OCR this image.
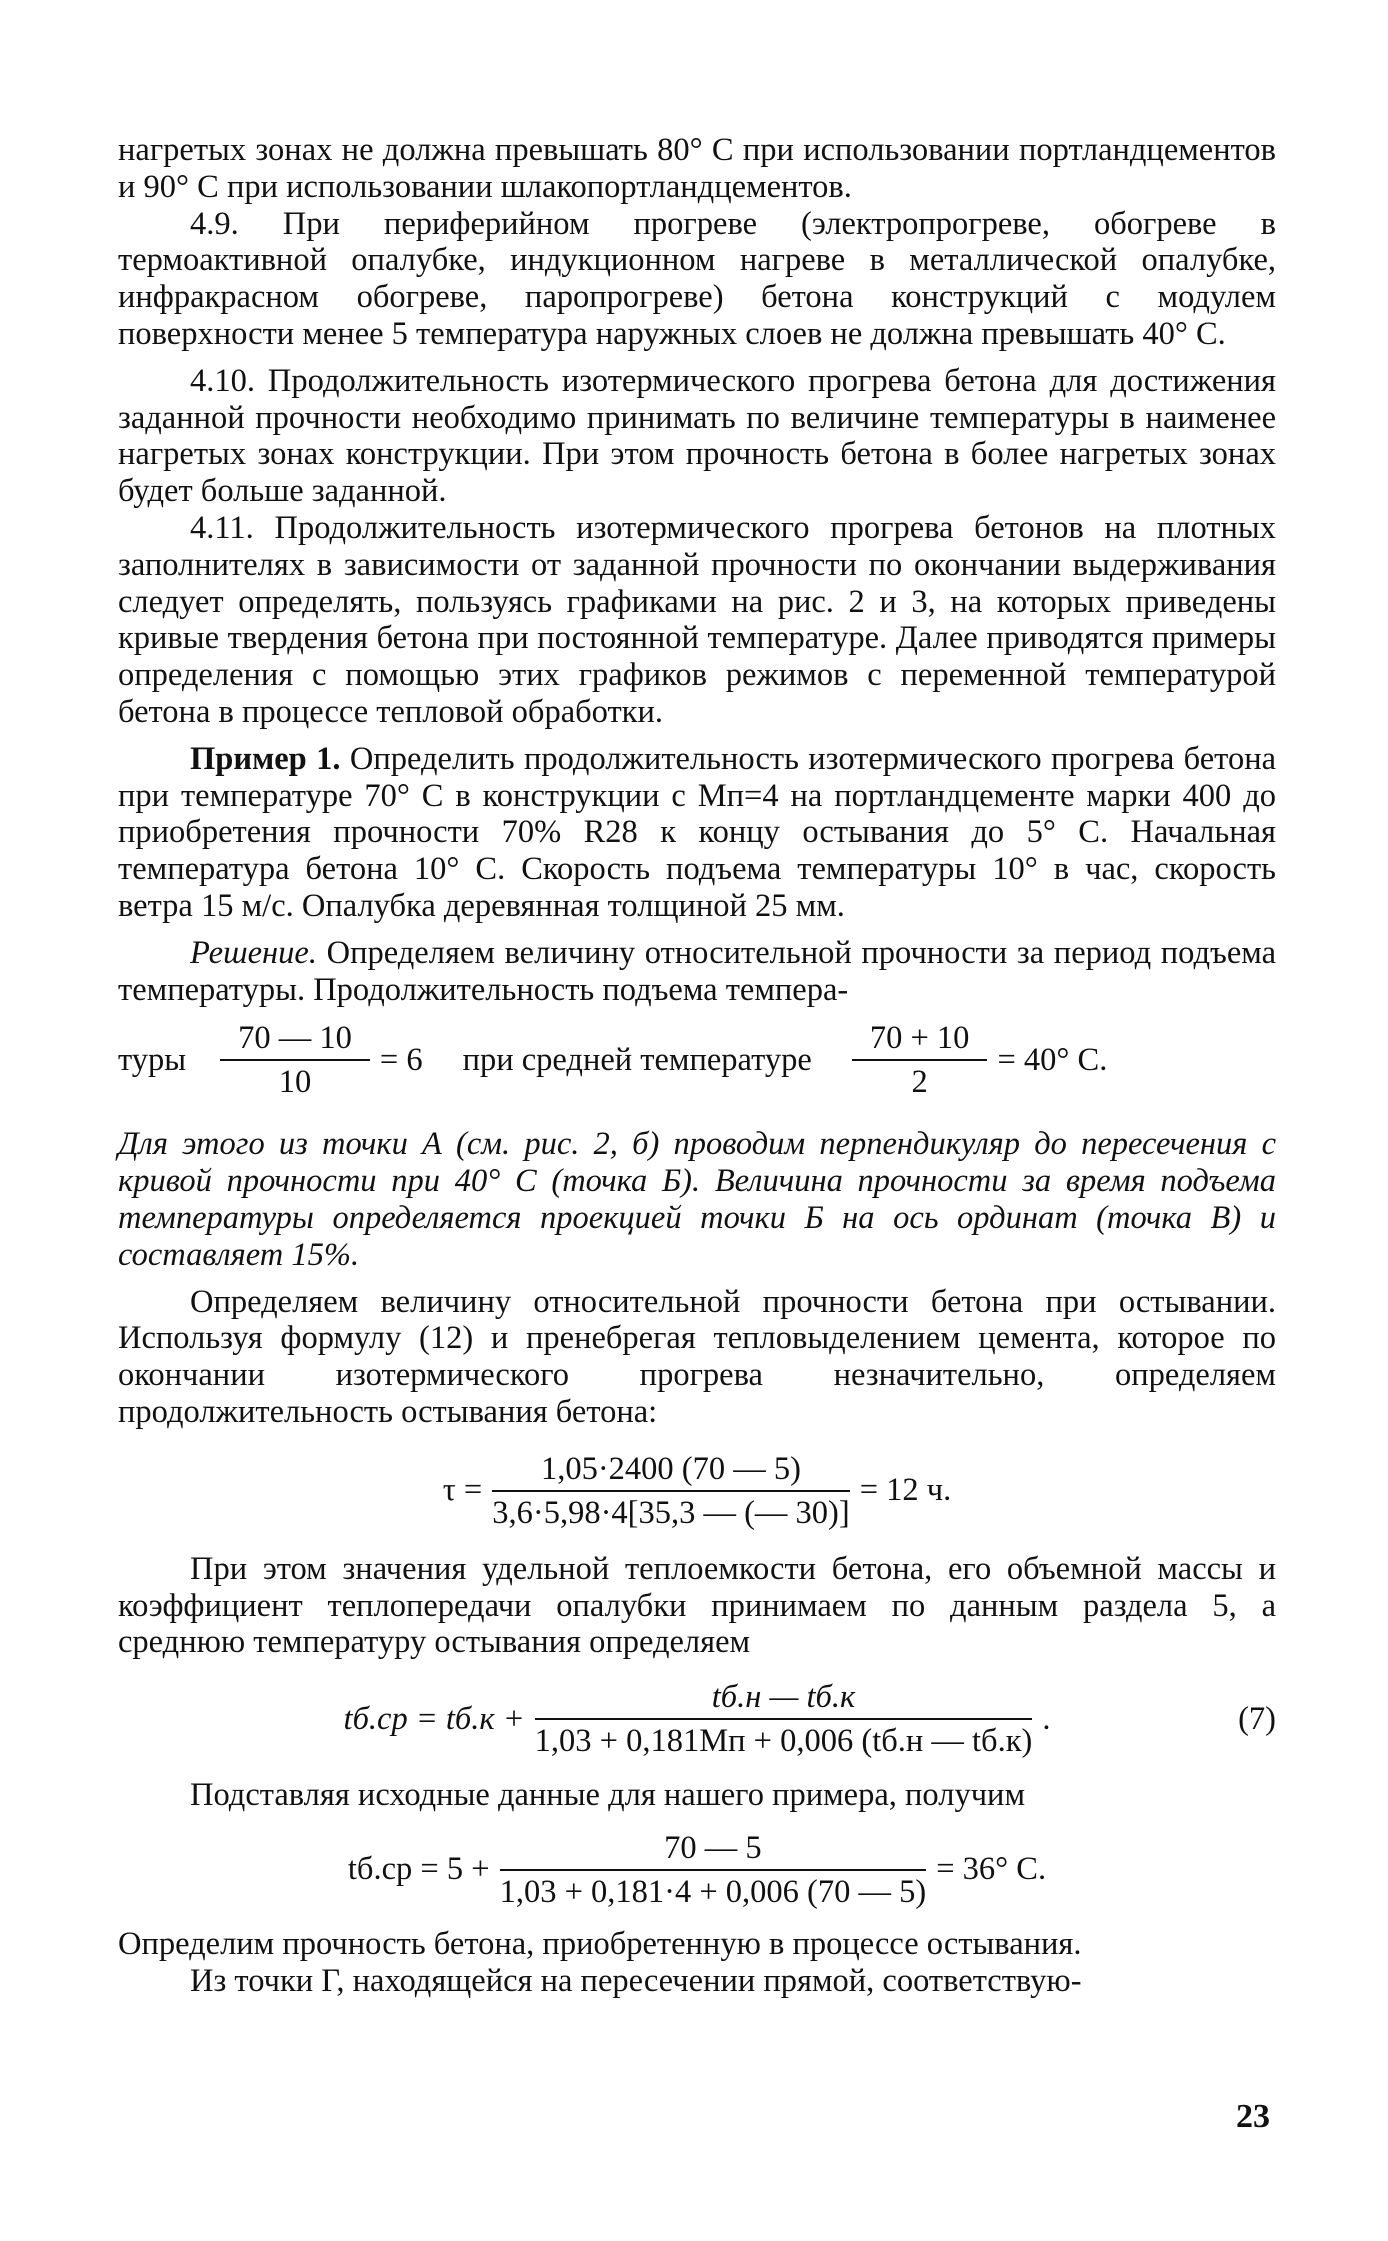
нагретых зонах не должна превышать 80° С при использовании портландцементов и 90° С при использовании шлакопортландцементов.

4.9. При периферийном прогреве (электропрогреве, обогреве в термоактивной опалубке, индукционном нагреве в металлической опалубке, инфракрасном обогреве, паропрогреве) бетона конструкций с модулем поверхности менее 5 температура наружных слоев не должна превышать 40° С.

4.10. Продолжительность изотермического прогрева бетона для достижения заданной прочности необходимо принимать по величине температуры в наименее нагретых зонах конструкции. При этом прочность бетона в более нагретых зонах будет больше заданной.

4.11. Продолжительность изотермического прогрева бетонов на плотных заполнителях в зависимости от заданной прочности по окончании выдерживания следует определять, пользуясь графиками на рис. 2 и 3, на которых приведены кривые твердения бетона при постоянной температуре. Далее приводятся примеры определения с помощью этих графиков режимов с переменной температурой бетона в процессе тепловой обработки.

Пример 1. Определить продолжительность изотермического прогрева бетона при температуре 70° С в конструкции с Мп=4 на портландцементе марки 400 до приобретения прочности 70% R28 к концу остывания до 5° С. Начальная температура бетона 10° С. Скорость подъема температуры 10° в час, скорость ветра 15 м/с. Опалубка деревянная толщиной 25 мм.

Решение. Определяем величину относительной прочности за период подъема температуры. Продолжительность подъема темпера-

туры $\frac{70 — 10}{10} = 6$ при средней температуре $\frac{70 + 10}{2} = 40^\circ$ С.

Для этого из точки А (см. рис. 2, б) проводим перпендикуляр до пересечения с кривой прочности при 40° С (точка Б). Величина прочности за время подъема температуры определяется проекцией точки Б на ось ординат (точка В) и составляет 15%.

Определяем величину относительной прочности бетона при остывании. Используя формулу (12) и пренебрегая тепловыделением цемента, которое по окончании изотермического прогрева незначительно, определяем продолжительность остывания бетона:

$\tau = \frac{1,05\cdot 2400 (70 — 5)}{3,6\cdot 5,98\cdot 4[35,3 — (— 30)]} = 12$ ч.

При этом значения удельной теплоемкости бетона, его объемной массы и коэффициент теплопередачи опалубки принимаем по данным раздела 5, а среднюю температуру остывания определяем

$tб.ср = tб.к + \frac{tб.н — tб.к}{1,03 + 0,181Мп + 0,006 (tб.н — tб.к)}$ .	(7)

Подставляя исходные данные для нашего примера, получим

$tб.ср = 5 + \frac{70 — 5}{1,03 + 0,181\cdot 4 + 0,006 (70 — 5)} = 36^\circ$ С.

Определим прочность бетона, приобретенную в процессе остывания.

Из точки Г, находящейся на пересечении прямой, соответствую-

23
